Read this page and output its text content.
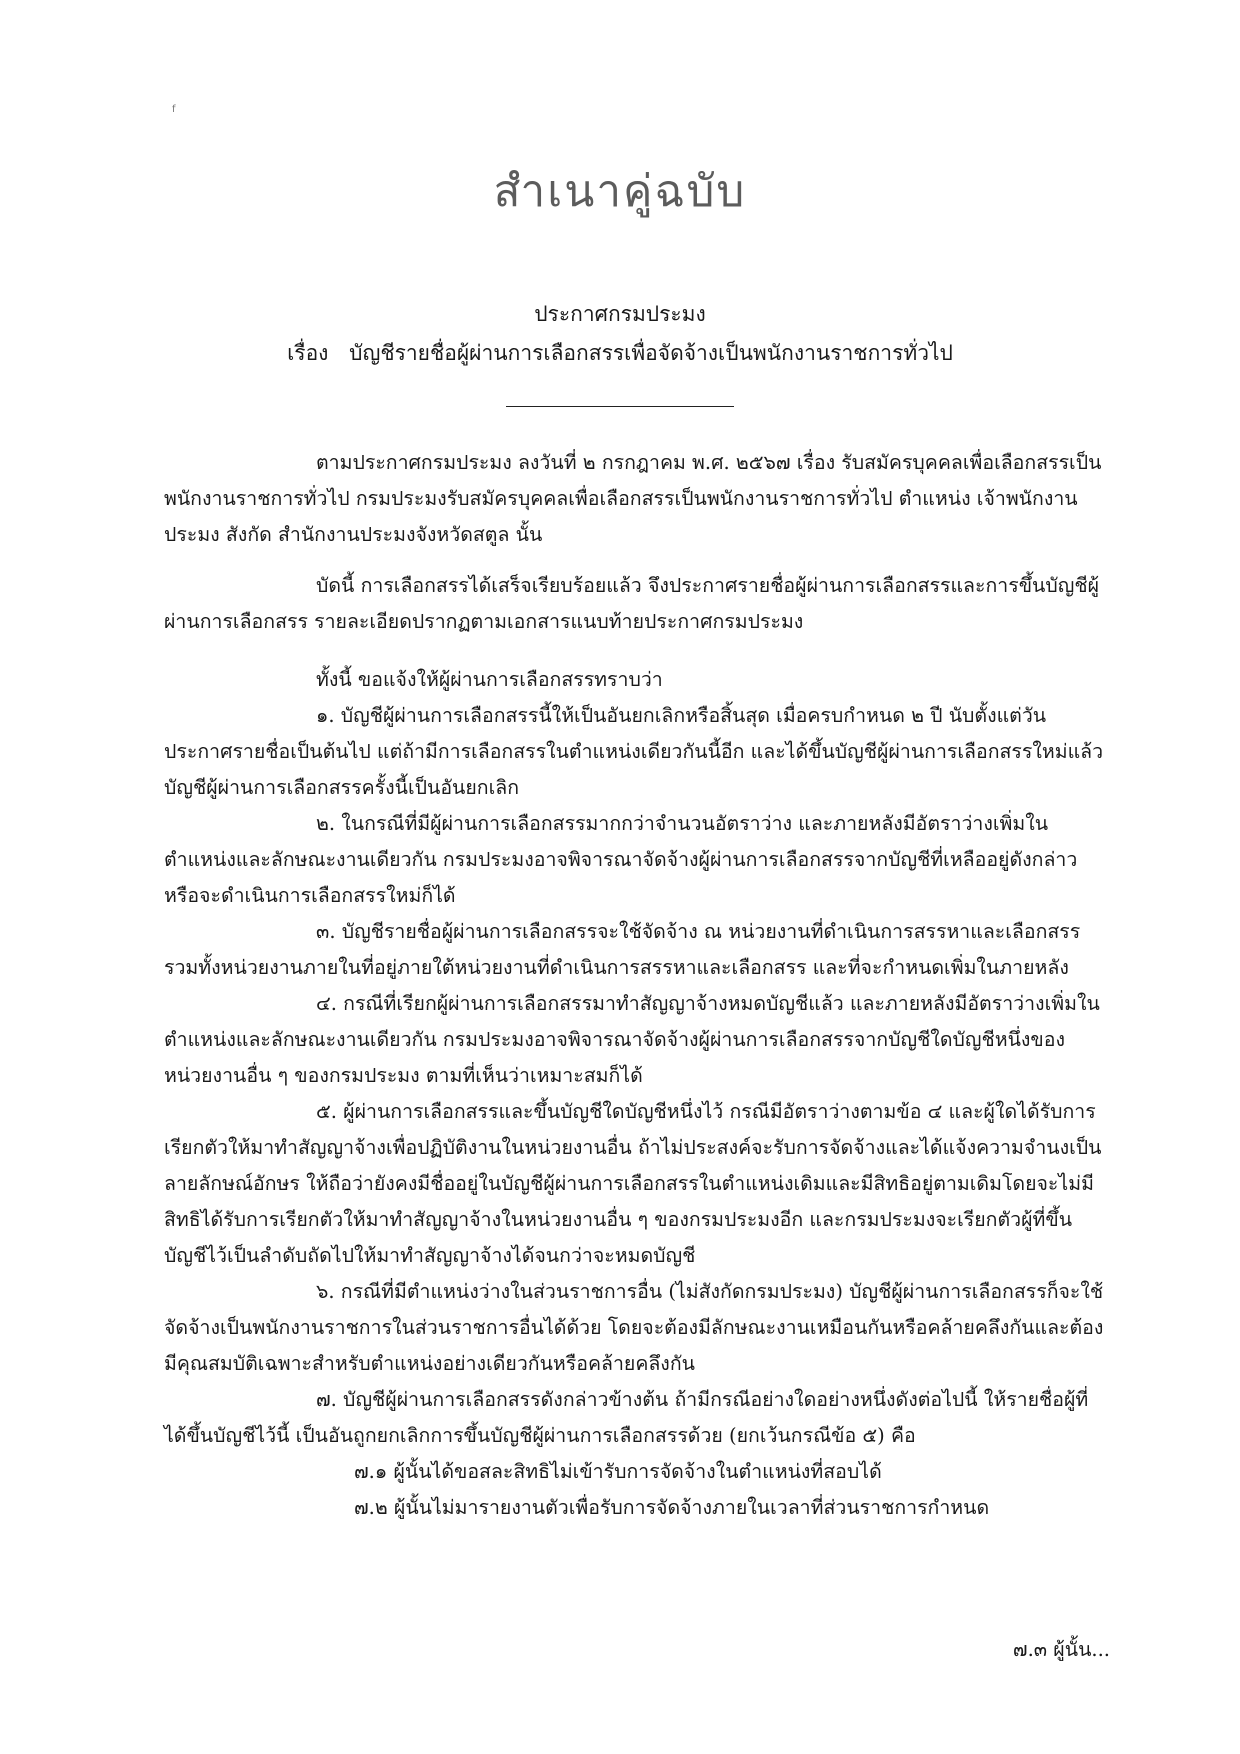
f
สำเนาคู่ฉบับ
ประกาศกรมประมง
เรื่อง บัญชีรายชื่อผู้ผ่านการเลือกสรรเพื่อจัดจ้างเป็นพนักงานราชการทั่วไป
ตามประกาศกรมประมง ลงวันที่ ๒ กรกฎาคม พ.ศ. ๒๕๖๗ เรื่อง รับสมัครบุคคลเพื่อเลือกสรรเป็นพนักงานราชการทั่วไป กรมประมงรับสมัครบุคคลเพื่อเลือกสรรเป็นพนักงานราชการทั่วไป ตำแหน่ง เจ้าพนักงานประมง สังกัด สำนักงานประมงจังหวัดสตูล นั้น
บัดนี้ การเลือกสรรได้เสร็จเรียบร้อยแล้ว จึงประกาศรายชื่อผู้ผ่านการเลือกสรรและการขึ้นบัญชีผู้ผ่านการเลือกสรร รายละเอียดปรากฏตามเอกสารแนบท้ายประกาศกรมประมง

ทั้งนี้ ขอแจ้งให้ผู้ผ่านการเลือกสรรทราบว่า

๑. บัญชีผู้ผ่านการเลือกสรรนี้ให้เป็นอันยกเลิกหรือสิ้นสุด เมื่อครบกำหนด ๒ ปี นับตั้งแต่วันประกาศรายชื่อเป็นต้นไป แต่ถ้ามีการเลือกสรรในตำแหน่งเดียวกันนี้อีก และได้ขึ้นบัญชีผู้ผ่านการเลือกสรรใหม่แล้ว บัญชีผู้ผ่านการเลือกสรรครั้งนี้เป็นอันยกเลิก

๒. ในกรณีที่มีผู้ผ่านการเลือกสรรมากกว่าจำนวนอัตราว่าง และภายหลังมีอัตราว่างเพิ่มในตำแหน่งและลักษณะงานเดียวกัน กรมประมงอาจพิจารณาจัดจ้างผู้ผ่านการเลือกสรรจากบัญชีที่เหลืออยู่ดังกล่าวหรือจะดำเนินการเลือกสรรใหม่ก็ได้

๓. บัญชีรายชื่อผู้ผ่านการเลือกสรรจะใช้จัดจ้าง ณ หน่วยงานที่ดำเนินการสรรหาและเลือกสรรรวมทั้งหน่วยงานภายในที่อยู่ภายใต้หน่วยงานที่ดำเนินการสรรหาและเลือกสรร และที่จะกำหนดเพิ่มในภายหลัง

๔. กรณีที่เรียกผู้ผ่านการเลือกสรรมาทำสัญญาจ้างหมดบัญชีแล้ว และภายหลังมีอัตราว่างเพิ่มในตำแหน่งและลักษณะงานเดียวกัน กรมประมงอาจพิจารณาจัดจ้างผู้ผ่านการเลือกสรรจากบัญชีใดบัญชีหนึ่งของหน่วยงานอื่น ๆ ของกรมประมง ตามที่เห็นว่าเหมาะสมก็ได้

๕. ผู้ผ่านการเลือกสรรและขึ้นบัญชีใดบัญชีหนึ่งไว้ กรณีมีอัตราว่างตามข้อ ๔ และผู้ใดได้รับการเรียกตัวให้มาทำสัญญาจ้างเพื่อปฏิบัติงานในหน่วยงานอื่น ถ้าไม่ประสงค์จะรับการจัดจ้างและได้แจ้งความจำนงเป็นลายลักษณ์อักษร ให้ถือว่ายังคงมีชื่ออยู่ในบัญชีผู้ผ่านการเลือกสรรในตำแหน่งเดิมและมีสิทธิอยู่ตามเดิมโดยจะไม่มีสิทธิได้รับการเรียกตัวให้มาทำสัญญาจ้างในหน่วยงานอื่น ๆ ของกรมประมงอีก และกรมประมงจะเรียกตัวผู้ที่ขึ้นบัญชีไว้เป็นลำดับถัดไปให้มาทำสัญญาจ้างได้จนกว่าจะหมดบัญชี

๖. กรณีที่มีตำแหน่งว่างในส่วนราชการอื่น (ไม่สังกัดกรมประมง) บัญชีผู้ผ่านการเลือกสรรก็จะใช้จัดจ้างเป็นพนักงานราชการในส่วนราชการอื่นได้ด้วย โดยจะต้องมีลักษณะงานเหมือนกันหรือคล้ายคลึงกันและต้องมีคุณสมบัติเฉพาะสำหรับตำแหน่งอย่างเดียวกันหรือคล้ายคลึงกัน

๗. บัญชีผู้ผ่านการเลือกสรรดังกล่าวข้างต้น ถ้ามีกรณีอย่างใดอย่างหนึ่งดังต่อไปนี้ ให้รายชื่อผู้ที่ได้ขึ้นบัญชีไว้นี้ เป็นอันถูกยกเลิกการขึ้นบัญชีผู้ผ่านการเลือกสรรด้วย (ยกเว้นกรณีข้อ ๕) คือ

๗.๑ ผู้นั้นได้ขอสละสิทธิไม่เข้ารับการจัดจ้างในตำแหน่งที่สอบได้

๗.๒ ผู้นั้นไม่มารายงานตัวเพื่อรับการจัดจ้างภายในเวลาที่ส่วนราชการกำหนด

๗.๓ ผู้นั้น...
